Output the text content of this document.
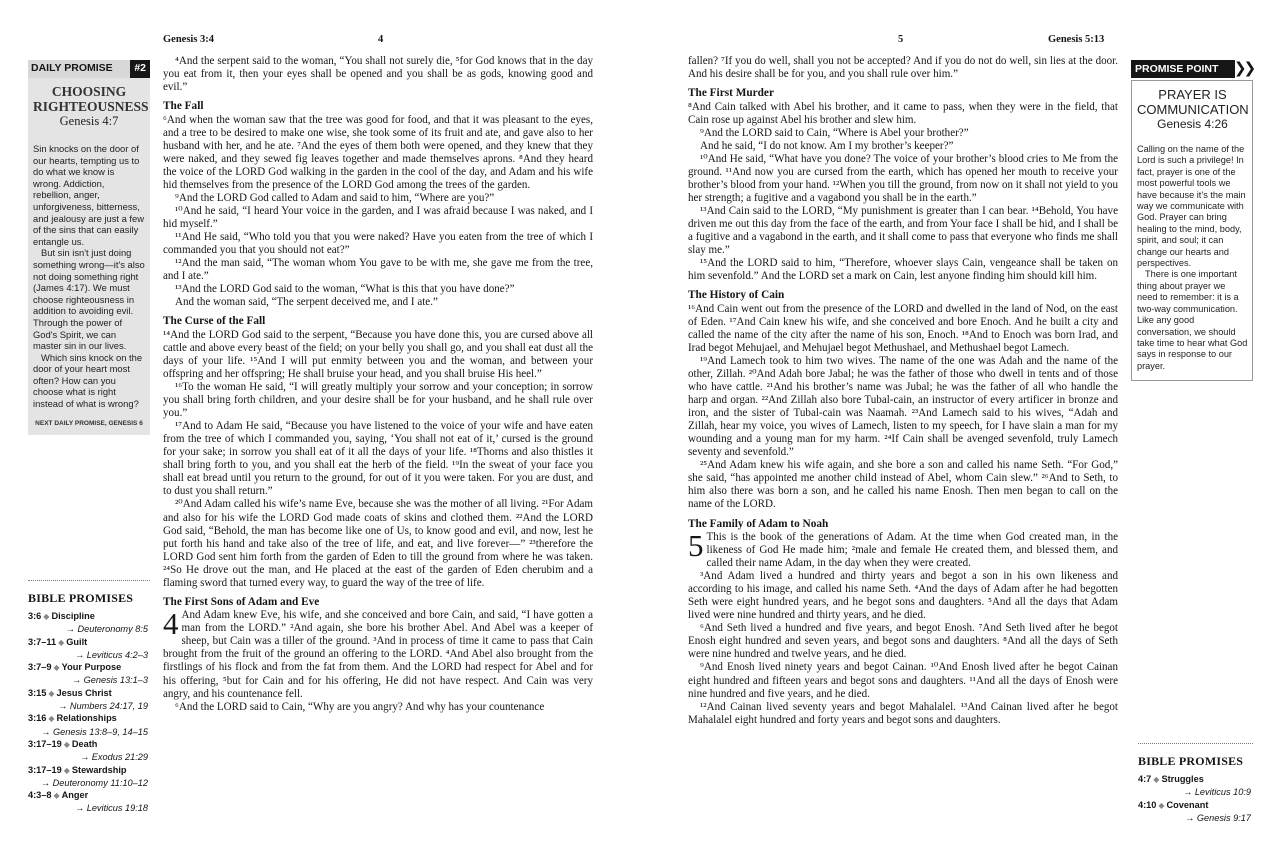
Genesis 3:4	4
DAILY PROMISE	#2
CHOOSING
RIGHTEOUSNESS
Genesis 4:7

Sin knocks on the door of our hearts, tempting us to do what we know is wrong. Addiction, rebellion, anger, unforgiveness, bitterness, and jealousy are just a few of the sins that can easily entangle us.

But sin isn't just doing something wrong—it's also not doing something right (James 4:17). We must choose righteousness in addition to avoiding evil. Through the power of God's Spirit, we can master sin in our lives.

Which sins knock on the door of your heart most often? How can you choose what is right instead of what is wrong?

NEXT DAILY PROMISE, GENESIS 6
BIBLE PROMISES
3:6 ◆ Discipline
→ Deuteronomy 8:5
3:7–11 ◆ Guilt
→ Leviticus 4:2–3
3:7–9 ◆ Your Purpose
→ Genesis 13:1–3
3:15 ◆ Jesus Christ
→ Numbers 24:17, 19
3:16 ◆ Relationships
→ Genesis 13:8–9, 14–15
3:17–19 ◆ Death
→ Exodus 21:29
3:17–19 ◆ Stewardship
→ Deuteronomy 11:10–12
4:3–8 ◆ Anger
→ Leviticus 19:18

⁴And the serpent said to the woman, “You shall not surely die, ⁵for God knows that in the day you eat from it, then your eyes shall be opened and you shall be as gods, knowing good and evil.”

The Fall

⁶And when the woman saw that the tree was good for food, and that it was pleasant to the eyes, and a tree to be desired to make one wise, she took some of its fruit and ate, and gave also to her husband with her, and he ate. ⁷And the eyes of them both were opened, and they knew that they were naked, and they sewed fig leaves together and made themselves aprons. ⁸And they heard the voice of the LORD God walking in the garden in the cool of the day, and Adam and his wife hid themselves from the presence of the LORD God among the trees of the garden.

⁹And the LORD God called to Adam and said to him, “Where are you?”

¹⁰And he said, “I heard Your voice in the garden, and I was afraid because I was naked, and I hid myself.”

¹¹And He said, “Who told you that you were naked? Have you eaten from the tree of which I commanded you that you should not eat?”

¹²And the man said, “The woman whom You gave to be with me, she gave me from the tree, and I ate.”

¹³And the LORD God said to the woman, “What is this that you have done?”

And the woman said, “The serpent deceived me, and I ate.”

The Curse of the Fall

¹⁴And the LORD God said to the serpent, “Because you have done this, you are cursed above all cattle and above every beast of the field; on your belly you shall go, and you shall eat dust all the days of your life. ¹⁵And I will put enmity between you and the woman, and between your offspring and her offspring; He shall bruise your head, and you shall bruise His heel.”

¹⁶To the woman He said, “I will greatly multiply your sorrow and your conception; in sorrow you shall bring forth children, and your desire shall be for your husband, and he shall rule over you.”

¹⁷And to Adam He said, “Because you have listened to the voice of your wife and have eaten from the tree of which I commanded you, saying, ‘You shall not eat of it,’ cursed is the ground for your sake; in sorrow you shall eat of it all the days of your life. ¹⁸Thorns and also thistles it shall bring forth to you, and you shall eat the herb of the field. ¹⁹In the sweat of your face you shall eat bread until you return to the ground, for out of it you were taken. For you are dust, and to dust you shall return.”

²⁰And Adam called his wife’s name Eve, because she was the mother of all living. ²¹For Adam and also for his wife the LORD God made coats of skins and clothed them. ²²And the LORD God said, “Behold, the man has become like one of Us, to know good and evil, and now, lest he put forth his hand and take also of the tree of life, and eat, and live forever—” ²³therefore the LORD God sent him forth from the garden of Eden to till the ground from where he was taken. ²⁴So He drove out the man, and He placed at the east of the garden of Eden cherubim and a flaming sword that turned every way, to guard the way of the tree of life.

The First Sons of Adam and Eve

4 And Adam knew Eve, his wife, and she conceived and bore Cain, and said, “I have gotten a man from the LORD.” ²And again, she bore his brother Abel. And Abel was a keeper of sheep, but Cain was a tiller of the ground. ³And in process of time it came to pass that Cain brought from the fruit of the ground an offering to the LORD. ⁴And Abel also brought from the firstlings of his flock and from the fat from them. And the LORD had respect for Abel and for his offering, ⁵but for Cain and for his offering, He did not have respect. And Cain was very angry, and his countenance fell.

⁶And the LORD said to Cain, “Why are you angry? And why has your countenance

5	Genesis 5:13

fallen? ⁷If you do well, shall you not be accepted? And if you do not do well, sin lies at the door. And his desire shall be for you, and you shall rule over him.”

The First Murder

⁸And Cain talked with Abel his brother, and it came to pass, when they were in the field, that Cain rose up against Abel his brother and slew him.

⁹And the LORD said to Cain, “Where is Abel your brother?”

And he said, “I do not know. Am I my brother’s keeper?”

¹⁰And He said, “What have you done? The voice of your brother’s blood cries to Me from the ground. ¹¹And now you are cursed from the earth, which has opened her mouth to receive your brother’s blood from your hand. ¹²When you till the ground, from now on it shall not yield to you her strength; a fugitive and a vagabond you shall be in the earth.”

¹³And Cain said to the LORD, “My punishment is greater than I can bear. ¹⁴Behold, You have driven me out this day from the face of the earth, and from Your face I shall be hid, and I shall be a fugitive and a vagabond in the earth, and it shall come to pass that everyone who finds me shall slay me.”

¹⁵And the LORD said to him, “Therefore, whoever slays Cain, vengeance shall be taken on him sevenfold.” And the LORD set a mark on Cain, lest anyone finding him should kill him.

The History of Cain

¹⁶And Cain went out from the presence of the LORD and dwelled in the land of Nod, on the east of Eden. ¹⁷And Cain knew his wife, and she conceived and bore Enoch. And he built a city and called the name of the city after the name of his son, Enoch. ¹⁸And to Enoch was born Irad, and Irad begot Mehujael, and Mehujael begot Methushael, and Methushael begot Lamech.

¹⁹And Lamech took to him two wives. The name of the one was Adah and the name of the other, Zillah. ²⁰And Adah bore Jabal; he was the father of those who dwell in tents and of those who have cattle. ²¹And his brother’s name was Jubal; he was the father of all who handle the harp and organ. ²²And Zillah also bore Tubal-cain, an instructor of every artificer in bronze and iron, and the sister of Tubal-cain was Naamah. ²³And Lamech said to his wives, “Adah and Zillah, hear my voice, you wives of Lamech, listen to my speech, for I have slain a man for my wounding and a young man for my harm. ²⁴If Cain shall be avenged sevenfold, truly Lamech seventy and sevenfold.”

²⁵And Adam knew his wife again, and she bore a son and called his name Seth. “For God,” she said, “has appointed me another child instead of Abel, whom Cain slew.” ²⁶And to Seth, to him also there was born a son, and he called his name Enosh. Then men began to call on the name of the LORD.

The Family of Adam to Noah

5 This is the book of the generations of Adam. At the time when God created man, in the likeness of God He made him; ²male and female He created them, and blessed them, and called their name Adam, in the day when they were created.

³And Adam lived a hundred and thirty years and begot a son in his own likeness and according to his image, and called his name Seth. ⁴And the days of Adam after he had begotten Seth were eight hundred years, and he begot sons and daughters. ⁵And all the days that Adam lived were nine hundred and thirty years, and he died.

⁶And Seth lived a hundred and five years, and begot Enosh. ⁷And Seth lived after he begot Enosh eight hundred and seven years, and begot sons and daughters. ⁸And all the days of Seth were nine hundred and twelve years, and he died.

⁹And Enosh lived ninety years and begot Cainan. ¹⁰And Enosh lived after he begot Cainan eight hundred and fifteen years and begot sons and daughters. ¹¹And all the days of Enosh were nine hundred and five years, and he died.

¹²And Cainan lived seventy years and begot Mahalalel. ¹³And Cainan lived after he begot Mahalalel eight hundred and forty years and begot sons and daughters.

PROMISE POINT ❯❯
PRAYER IS
COMMUNICATION
Genesis 4:26

Calling on the name of the Lord is such a privilege! In fact, prayer is one of the most powerful tools we have because it’s the main way we communicate with God. Prayer can bring healing to the mind, body, spirit, and soul; it can change our hearts and perspectives.

There is one important thing about prayer we need to remember: it is a two-way communication. Like any good conversation, we should take time to hear what God says in response to our prayer.

BIBLE PROMISES
4:7 ◆ Struggles
→ Leviticus 10:9
4:10 ◆ Covenant
→ Genesis 9:17
